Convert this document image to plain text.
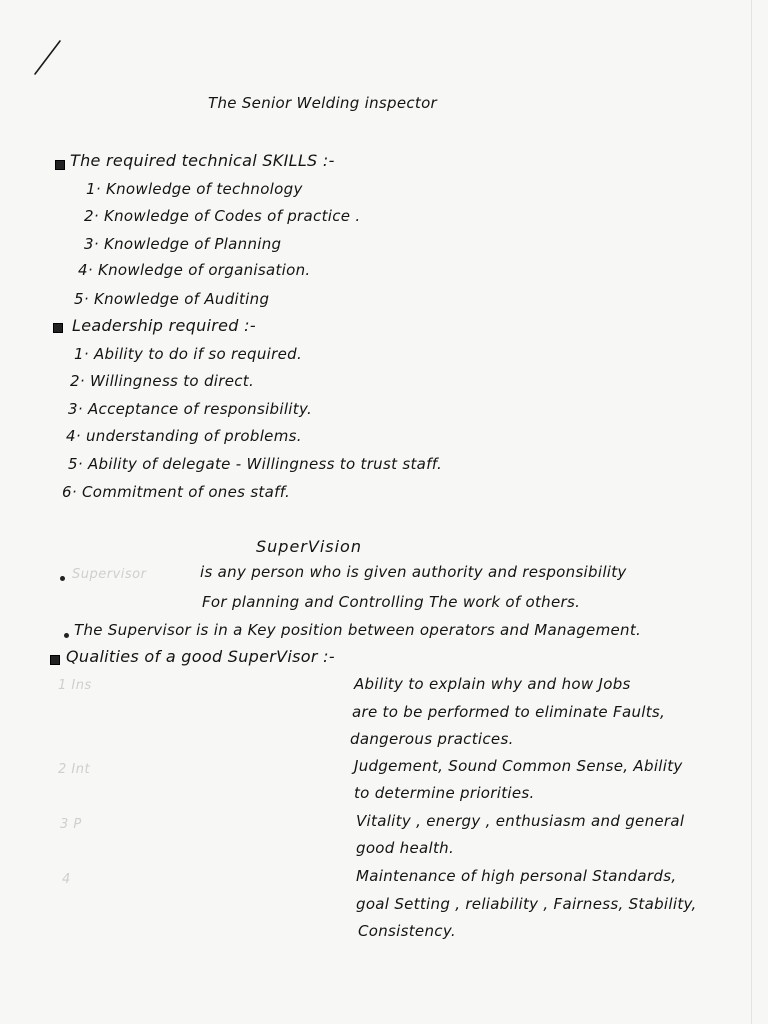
The Senior Welding inspector
The required technical SKILLS :-
1· Knowledge of technology
2· Knowledge of Codes of practice .
3· Knowledge of Planning
4· Knowledge of organisation.
5· Knowledge of Auditing
Leadership required :-
1· Ability to do if so required.
2· Willingness to direct.
3· Acceptance of responsibility.
4· understanding of problems.
5· Ability of delegate - Willingness to trust staff.
6· Commitment of ones staff.
SuperVision
Supervisor	is any person who is given authority and responsibility
For planning and Controlling The work of others.
The Supervisor is in a Key position between operators and Management.
Qualities of a good SuperVisor :-
1 Ins	Ability to explain why and how Jobs
are to be performed to eliminate Faults,
dangerous practices.
2 Int	Judgement, Sound Common Sense, Ability
to determine priorities.
3 P	Vitality , energy , enthusiasm and general
good health.
4	Maintenance of high personal Standards,
goal Setting , reliability , Fairness, Stability,
Consistency.
